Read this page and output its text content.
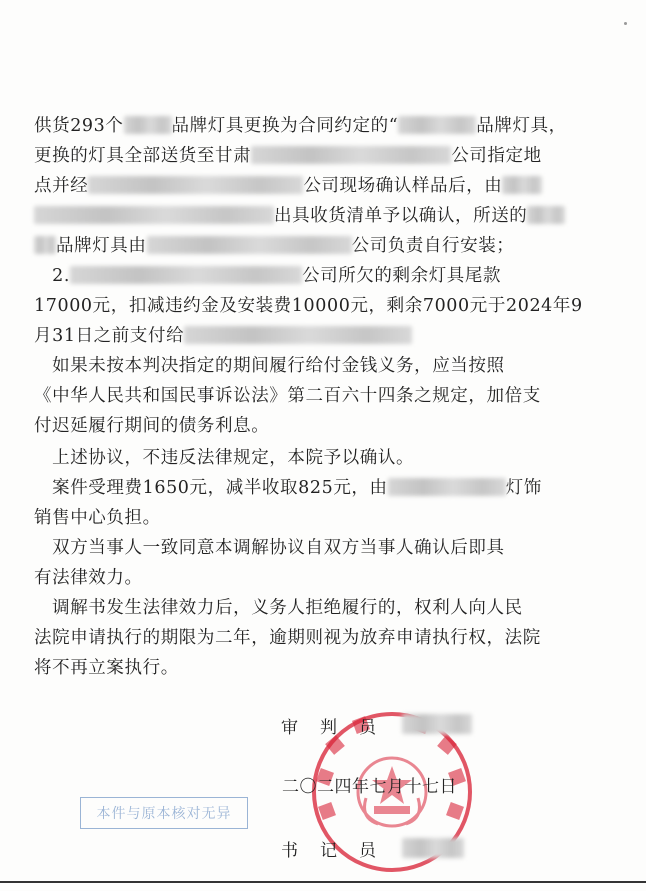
供货293个	品牌灯具更换为合同约定的“	品牌灯具，
更换的灯具全部送货至甘肃	公司指定地
点并经	公司现场确认样品后，由
出具收货清单予以确认，所送的
品牌灯具由	公司负责自行安装；
　2.	公司所欠的剩余灯具尾款
17000元，扣减违约金及安装费10000元，剩余7000元于2024年9
月31日之前支付给
　如果未按本判决指定的期间履行给付金钱义务，应当按照
《中华人民共和国民事诉讼法》第二百六十四条之规定，加倍支
付迟延履行期间的债务利息。
　上述协议，不违反法律规定，本院予以确认。
　案件受理费1650元，减半收取825元，由	灯饰
销售中心负担。
　双方当事人一致同意本调解协议自双方当事人确认后即具
有法律效力。
　调解书发生法律效力后，义务人拒绝履行的，权利人向人民
法院申请执行的期限为二年，逾期则视为放弃申请执行权，法院
将不再立案执行。
审判员
二〇二四年七月十七日
书记员
本件与原本核对无异
